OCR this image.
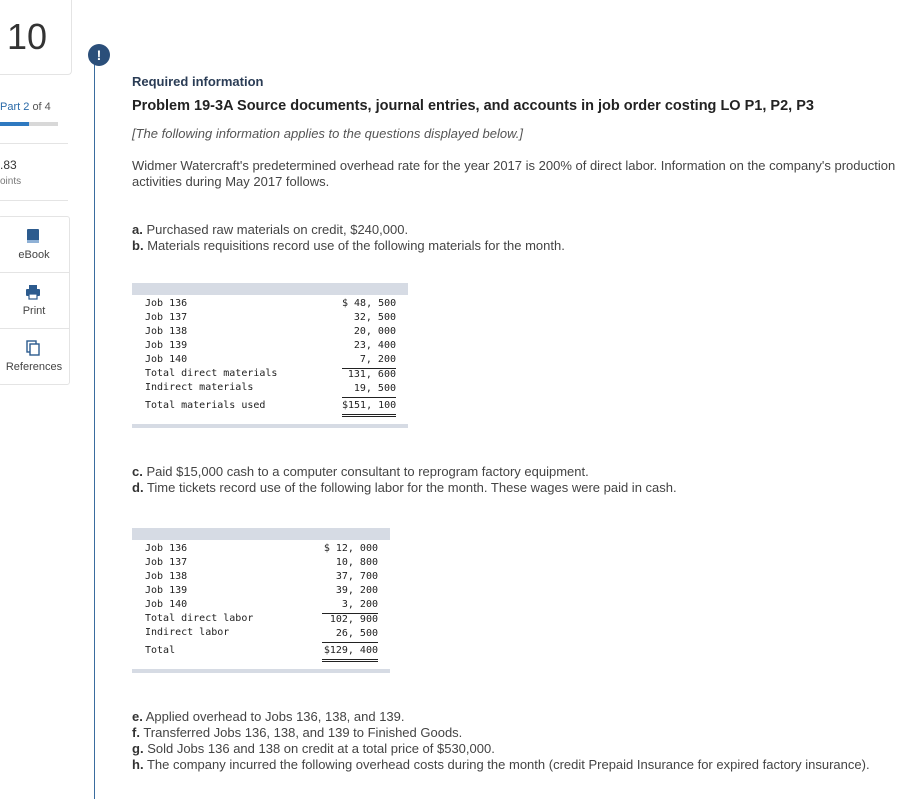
10
Part 2 of 4
.83
oints
eBook
Print
References
!
Required information
Problem 19-3A Source documents, journal entries, and accounts in job order costing LO P1, P2, P3
[The following information applies to the questions displayed below.]
Widmer Watercraft's predetermined overhead rate for the year 2017 is 200% of direct labor. Information on the company's production activities during May 2017 follows.
a. Purchased raw materials on credit, $240,000.
b. Materials requisitions record use of the following materials for the month.
Job 136	$ 48, 500
Job 137	32, 500
Job 138	20, 000
Job 139	23, 400
Job 140	7, 200
Total direct materials	131, 600
Indirect materials	19, 500
Total materials used	$151, 100
c. Paid $15,000 cash to a computer consultant to reprogram factory equipment.
d. Time tickets record use of the following labor for the month. These wages were paid in cash.
Job 136	$ 12, 000
Job 137	10, 800
Job 138	37, 700
Job 139	39, 200
Job 140	3, 200
Total direct labor	102, 900
Indirect labor	26, 500
Total	$129, 400
e. Applied overhead to Jobs 136, 138, and 139.
f. Transferred Jobs 136, 138, and 139 to Finished Goods.
g. Sold Jobs 136 and 138 on credit at a total price of $530,000.
h. The company incurred the following overhead costs during the month (credit Prepaid Insurance for expired factory insurance).
